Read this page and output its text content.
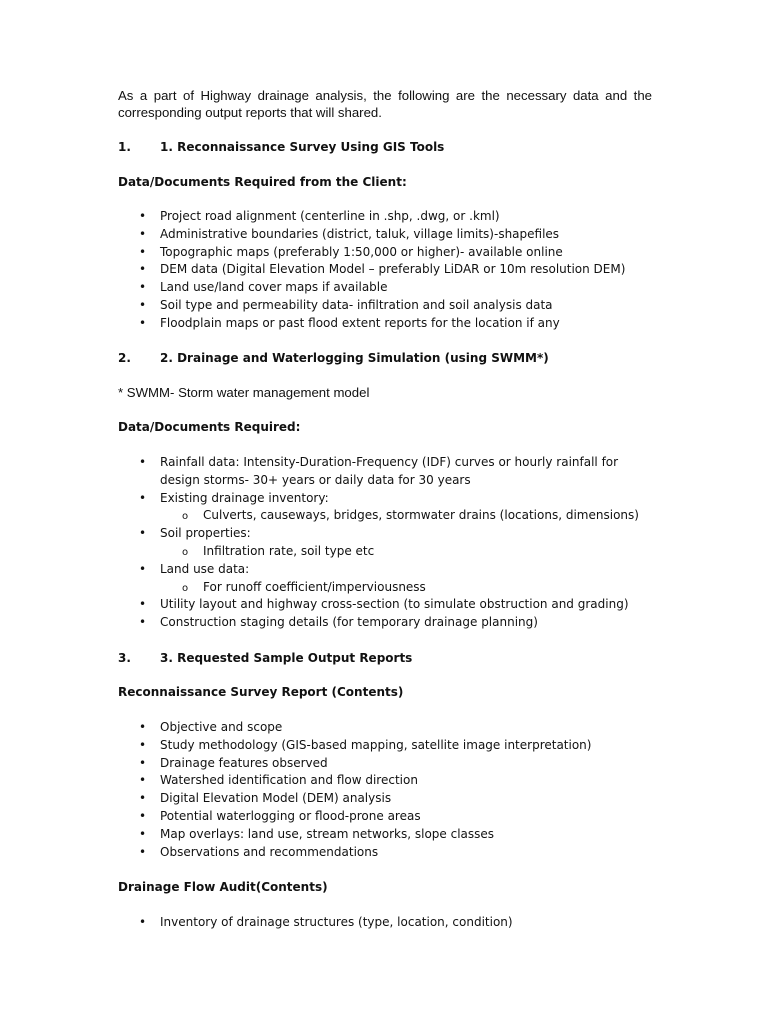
As a part of Highway drainage analysis, the following are the necessary data and the corresponding output reports that will shared.

1. 1. Reconnaissance Survey Using GIS Tools
Data/Documents Required from the Client:
• Project road alignment (centerline in .shp, .dwg, or .kml)
• Administrative boundaries (district, taluk, village limits)-shapefiles
• Topographic maps (preferably 1:50,000 or higher)- available online
• DEM data (Digital Elevation Model – preferably LiDAR or 10m resolution DEM)
• Land use/land cover maps if available
• Soil type and permeability data- infiltration and soil analysis data
• Floodplain maps or past flood extent reports for the location if any
2. 2. Drainage and Waterlogging Simulation (using SWMM*)
* SWMM- Storm water management model
Data/Documents Required:
• Rainfall data: Intensity-Duration-Frequency (IDF) curves or hourly rainfall for design storms- 30+ years or daily data for 30 years
• Existing drainage inventory:
o Culverts, causeways, bridges, stormwater drains (locations, dimensions)
• Soil properties:
o Infiltration rate, soil type etc
• Land use data:
o For runoff coefficient/imperviousness
• Utility layout and highway cross-section (to simulate obstruction and grading)
• Construction staging details (for temporary drainage planning)
3. 3. Requested Sample Output Reports
Reconnaissance Survey Report (Contents)
• Objective and scope
• Study methodology (GIS-based mapping, satellite image interpretation)
• Drainage features observed
• Watershed identification and flow direction
• Digital Elevation Model (DEM) analysis
• Potential waterlogging or flood-prone areas
• Map overlays: land use, stream networks, slope classes
• Observations and recommendations
Drainage Flow Audit(Contents)
• Inventory of drainage structures (type, location, condition)
